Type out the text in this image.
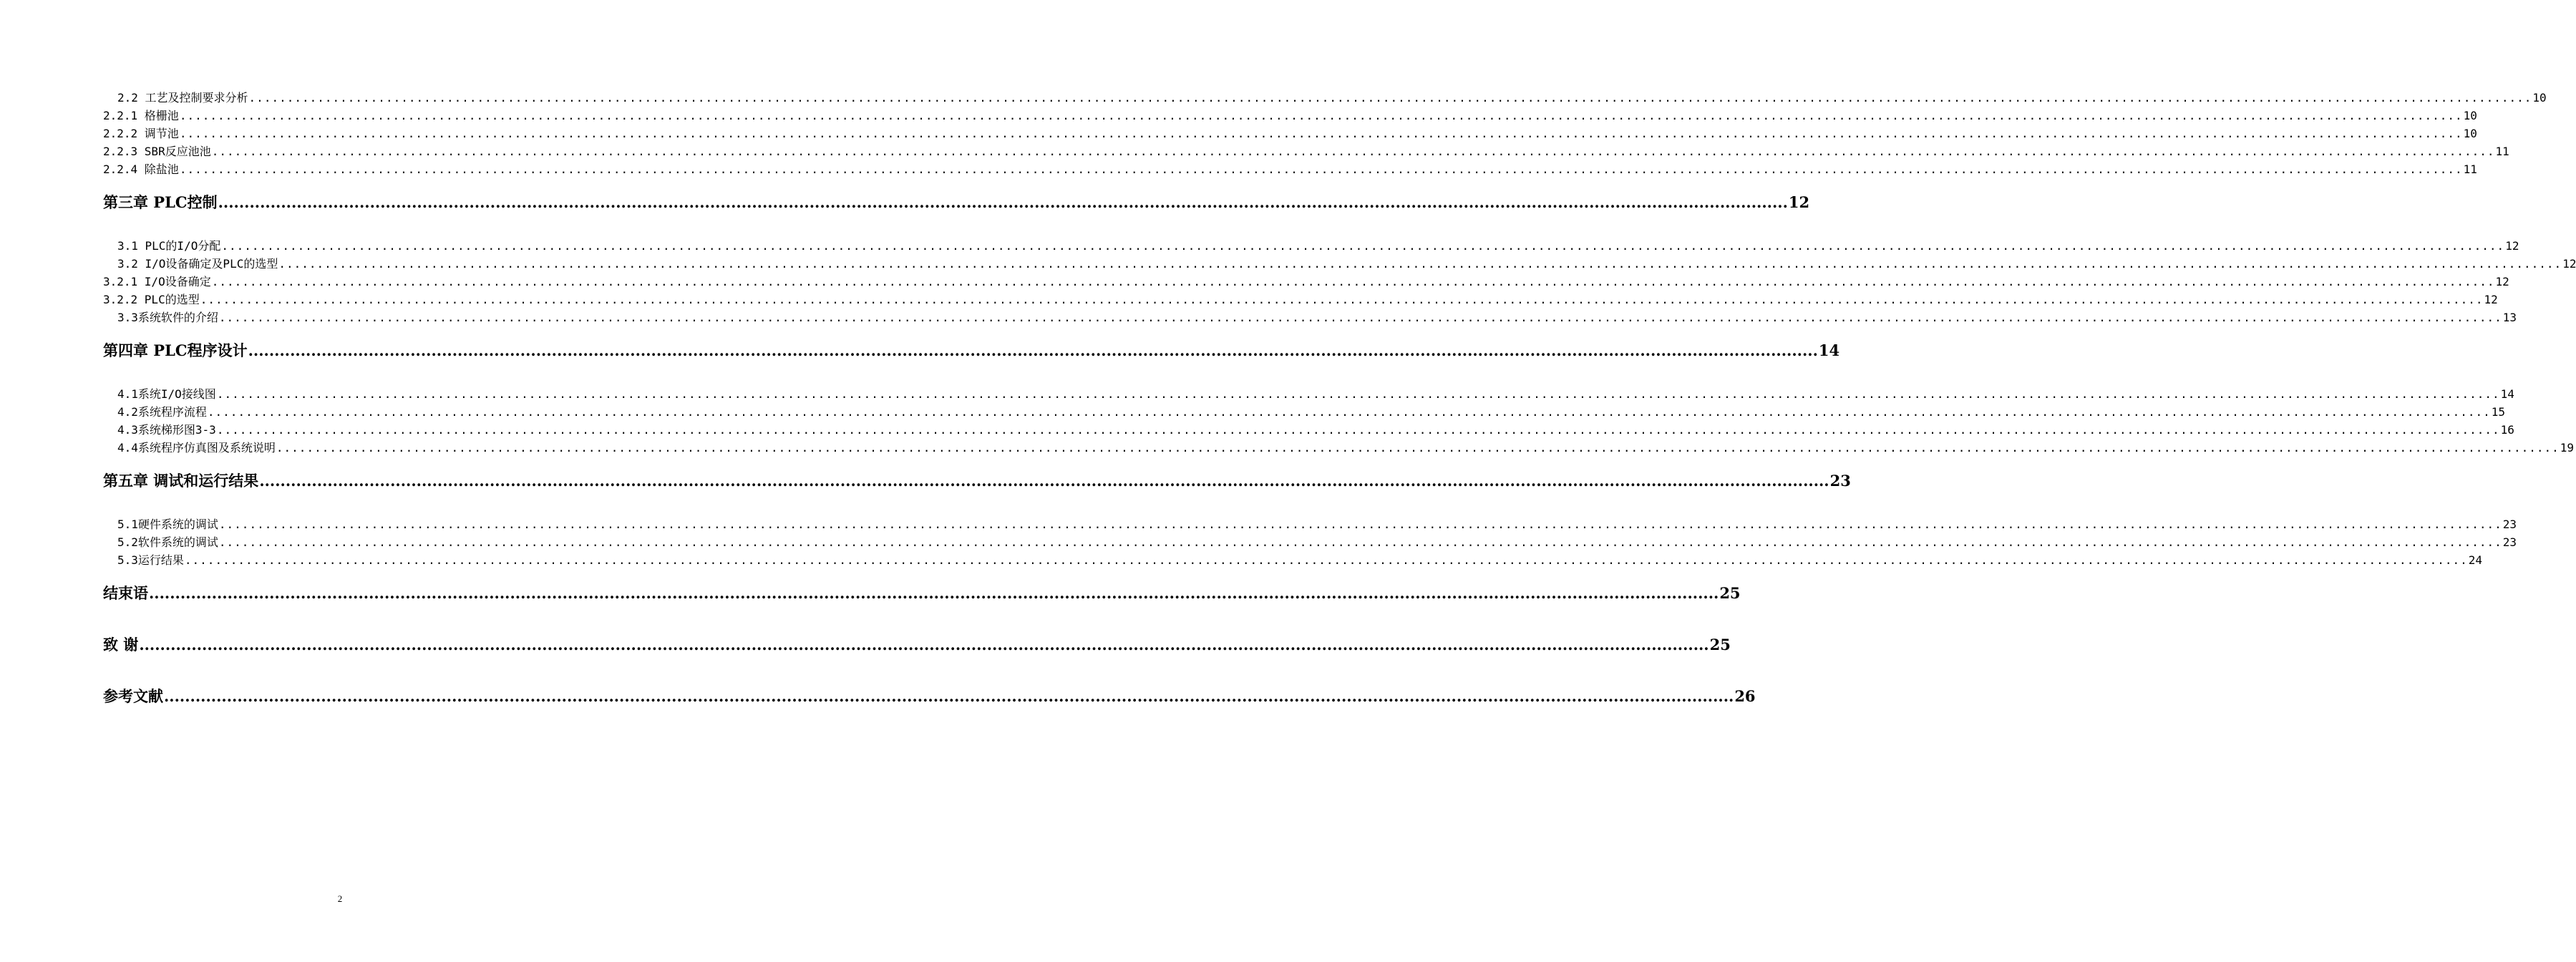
2.2 工艺及控制要求分析 ............................................................................................................................................................................................................................................................................................................ 10
2.2.1 格栅池 ............................................................................................................................................................................................................................................................................................................ 10
2.2.2 调节池 ............................................................................................................................................................................................................................................................................................................ 10
2.2.3 SBR反应池池 ............................................................................................................................................................................................................................................................................................................ 11
2.2.4 除盐池 ............................................................................................................................................................................................................................................................................................................ 11
第三章 PLC控制 ............................................................................................................................................................................................................................................................................................................ 12
3.1 PLC的I/O分配 ............................................................................................................................................................................................................................................................................................................ 12
3.2 I/O设备确定及PLC的选型 ............................................................................................................................................................................................................................................................................................................ 12
3.2.1 I/O设备确定 ............................................................................................................................................................................................................................................................................................................ 12
3.2.2 PLC的选型 ............................................................................................................................................................................................................................................................................................................ 12
3.3系统软件的介绍 ............................................................................................................................................................................................................................................................................................................ 13
第四章 PLC程序设计 ............................................................................................................................................................................................................................................................................................................ 14
4.1系统I/O接线图 ............................................................................................................................................................................................................................................................................................................ 14
4.2系统程序流程 ............................................................................................................................................................................................................................................................................................................ 15
4.3系统梯形图3-3 ............................................................................................................................................................................................................................................................................................................ 16
4.4系统程序仿真图及系统说明 ............................................................................................................................................................................................................................................................................................................ 19
第五章 调试和运行结果 ............................................................................................................................................................................................................................................................................................................ 23
5.1硬件系统的调试 ............................................................................................................................................................................................................................................................................................................ 23
5.2软件系统的调试 ............................................................................................................................................................................................................................................................................................................ 23
5.3运行结果 ............................................................................................................................................................................................................................................................................................................ 24
结束语 ............................................................................................................................................................................................................................................................................................................ 25
致 谢 ............................................................................................................................................................................................................................................................................................................ 25
参考文献 ............................................................................................................................................................................................................................................................................................................ 26
2
